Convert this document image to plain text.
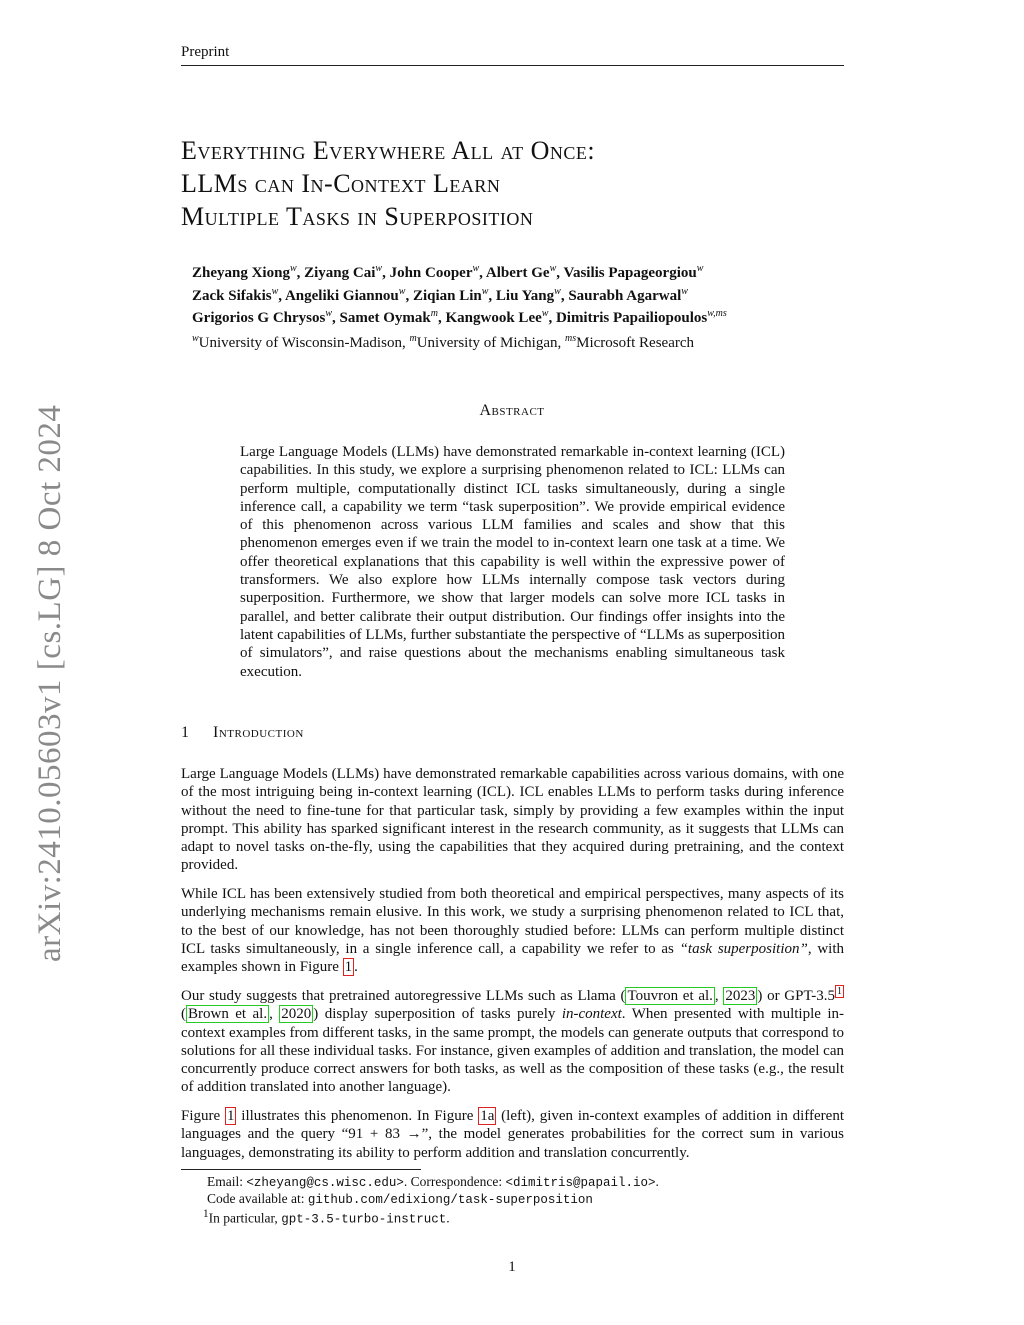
Preprint
arXiv:2410.05603v1 [cs.LG] 8 Oct 2024
Everything Everywhere All at Once:
LLMs can In-Context Learn
Multiple Tasks in Superposition
Zheyang Xiong$^w$, Ziyang Cai$^w$, John Cooper$^w$, Albert Ge$^w$, Vasilis Papageorgiou$^w$
Zack Sifakis$^w$, Angeliki Giannou$^w$, Ziqian Lin$^w$, Liu Yang$^w$, Saurabh Agarwal$^w$
Grigorios G Chrysos$^w$, Samet Oymak$^m$, Kangwook Lee$^w$, Dimitris Papailiopoulos$^{w,ms}$
$^w$University of Wisconsin-Madison, $^m$University of Michigan, $^{ms}$Microsoft Research
Abstract
Large Language Models (LLMs) have demonstrated remarkable in-context learning (ICL) capabilities. In this study, we explore a surprising phenomenon related to ICL: LLMs can perform multiple, computationally distinct ICL tasks simultaneously, during a single inference call, a capability we term “task superposition”. We provide empirical evidence of this phenomenon across various LLM families and scales and show that this phenomenon emerges even if we train the model to in-context learn one task at a time. We offer theoretical explanations that this capability is well within the expressive power of transformers. We also explore how LLMs internally compose task vectors during superposition. Furthermore, we show that larger models can solve more ICL tasks in parallel, and better calibrate their output distribution. Our findings offer insights into the latent capabilities of LLMs, further substantiate the perspective of “LLMs as superposition of simulators”, and raise questions about the mechanisms enabling simultaneous task execution.
1 Introduction
Large Language Models (LLMs) have demonstrated remarkable capabilities across various domains, with one of the most intriguing being in-context learning (ICL). ICL enables LLMs to perform tasks during inference without the need to fine-tune for that particular task, simply by providing a few examples within the input prompt. This ability has sparked significant interest in the research community, as it suggests that LLMs can adapt to novel tasks on-the-fly, using the capabilities that they acquired during pretraining, and the context provided.
While ICL has been extensively studied from both theoretical and empirical perspectives, many aspects of its underlying mechanisms remain elusive. In this work, we study a surprising phenomenon related to ICL that, to the best of our knowledge, has not been thoroughly studied before: LLMs can perform multiple distinct ICL tasks simultaneously, in a single inference call, a capability we refer to as “task superposition”, with examples shown in Figure 1 .
Our study suggests that pretrained autoregressive LLMs such as Llama ( Touvron et al. , 2023 ) or GPT-3.5 $^1$ ( Brown et al. , 2020 ) display superposition of tasks purely in-context. When presented with multiple in-context examples from different tasks, in the same prompt, the models can generate outputs that correspond to solutions for all these individual tasks. For instance, given examples of addition and translation, the model can concurrently produce correct answers for both tasks, as well as the composition of these tasks (e.g., the result of addition translated into another language).
Figure 1 illustrates this phenomenon. In Figure 1a (left), given in-context examples of addition in different languages and the query “91 + 83 →”, the model generates probabilities for the correct sum in various languages, demonstrating its ability to perform addition and translation concurrently.
Email: <zheyang@cs.wisc.edu>. Correspondence: <dimitris@papail.io>.
Code available at: github.com/edixiong/task-superposition
$^1$In particular, gpt-3.5-turbo-instruct.
1
